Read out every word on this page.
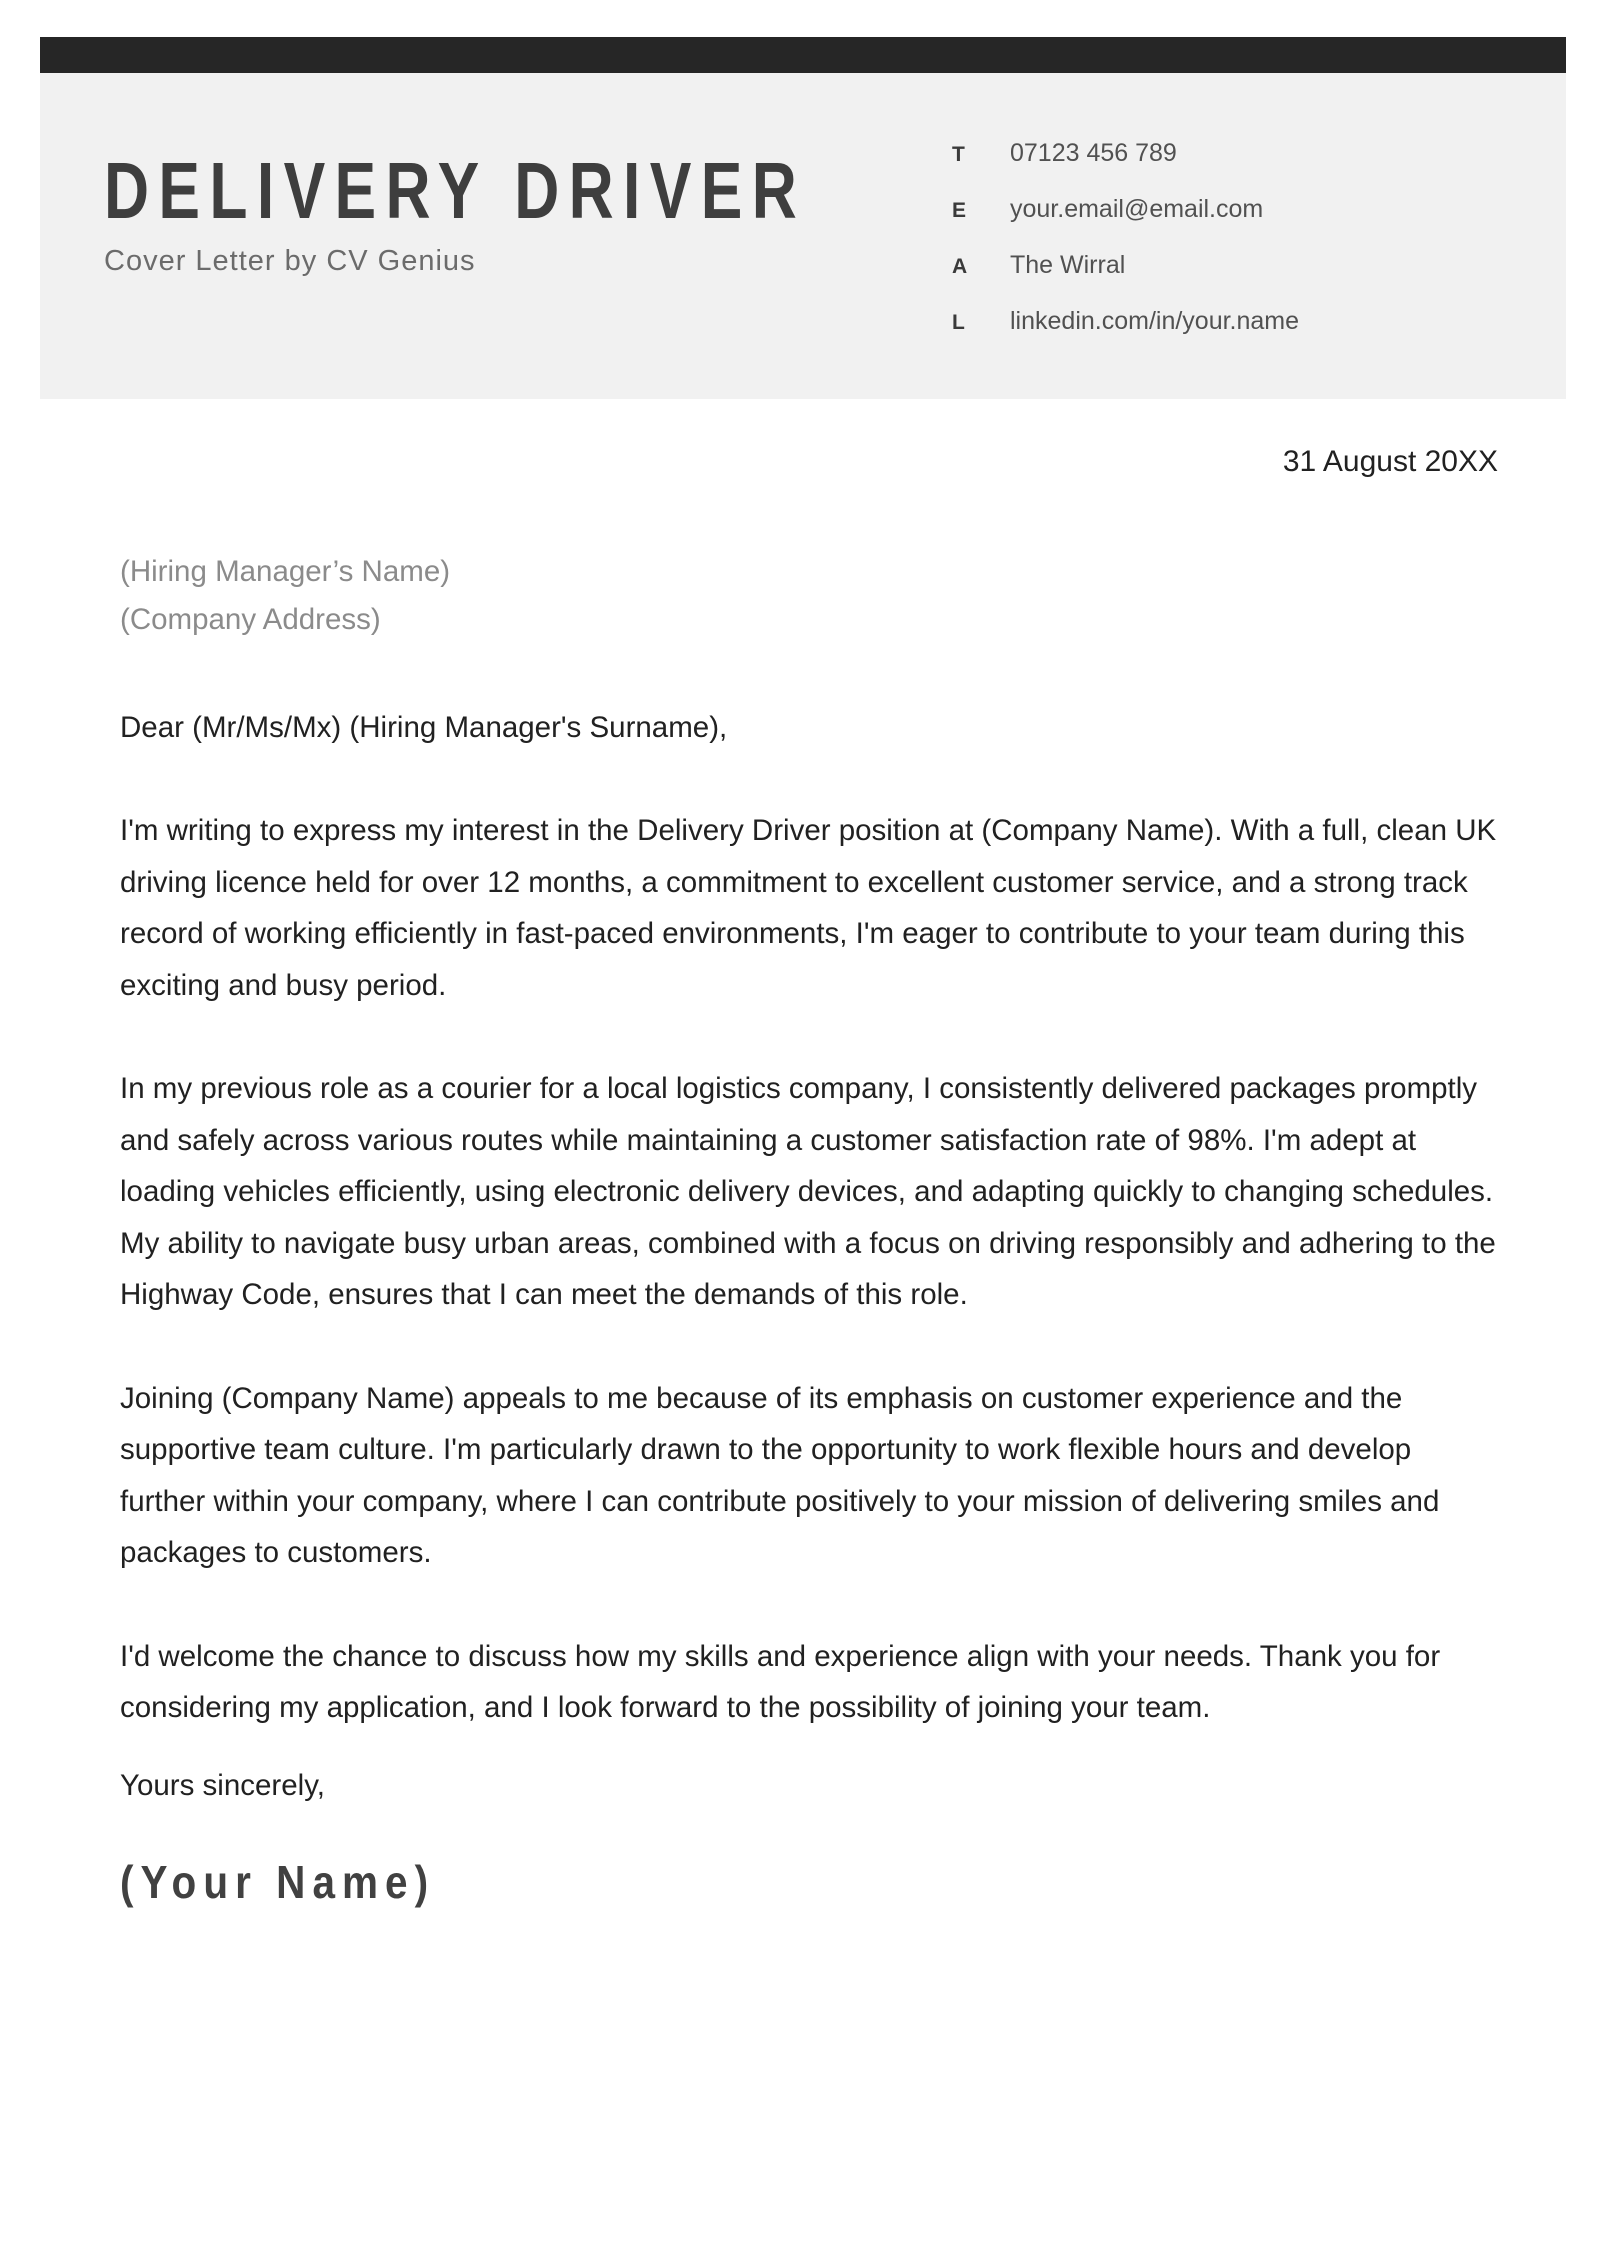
DELIVERY DRIVER
Cover Letter by CV Genius
T	07123 456 789
E	your.email@email.com
A	The Wirral
L	linkedin.com/in/your.name
31 August 20XX
(Hiring Manager’s Name)
(Company Address)
Dear (Mr/Ms/Mx) (Hiring Manager's Surname),

I'm writing to express my interest in the Delivery Driver position at (Company Name). With a full, clean UK driving licence held for over 12 months, a commitment to excellent customer service, and a strong track record of working efficiently in fast-paced environments, I'm eager to contribute to your team during this exciting and busy period.

In my previous role as a courier for a local logistics company, I consistently delivered packages promptly and safely across various routes while maintaining a customer satisfaction rate of 98%. I'm adept at loading vehicles efficiently, using electronic delivery devices, and adapting quickly to changing schedules. My ability to navigate busy urban areas, combined with a focus on driving responsibly and adhering to the Highway Code, ensures that I can meet the demands of this role.

Joining (Company Name) appeals to me because of its emphasis on customer experience and the supportive team culture. I'm particularly drawn to the opportunity to work flexible hours and develop further within your company, where I can contribute positively to your mission of delivering smiles and packages to customers.

I'd welcome the chance to discuss how my skills and experience align with your needs. Thank you for considering my application, and I look forward to the possibility of joining your team.

Yours sincerely,
(Your Name)
